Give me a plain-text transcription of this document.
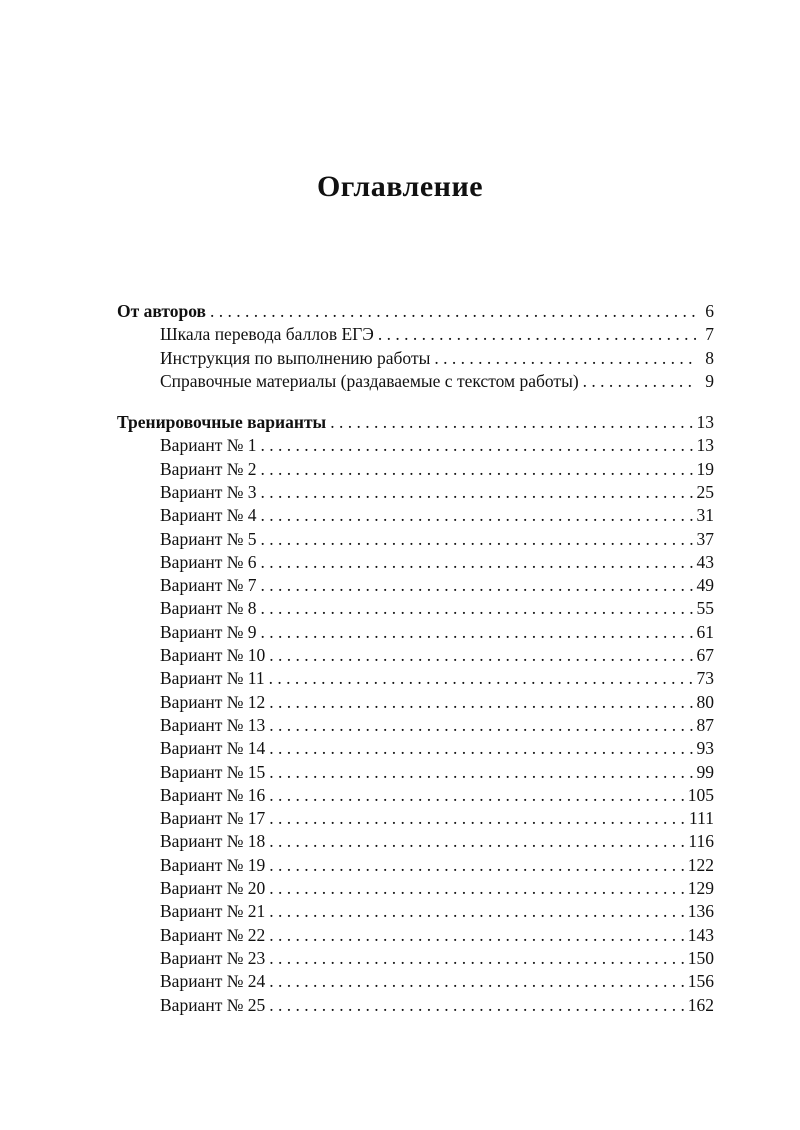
Оглавление
От авторов . . .	6
Шкала перевода баллов ЕГЭ . . .	7
Инструкция по выполнению работы . . .	8
Справочные материалы (раздаваемые с текстом работы) . . .	9
Тренировочные варианты . . .	13
Вариант № 1 . . .	13
Вариант № 2 . . .	19
Вариант № 3 . . .	25
Вариант № 4 . . .	31
Вариант № 5 . . .	37
Вариант № 6 . . .	43
Вариант № 7 . . .	49
Вариант № 8 . . .	55
Вариант № 9 . . .	61
Вариант № 10 . . .	67
Вариант № 11 . . .	73
Вариант № 12 . . .	80
Вариант № 13 . . .	87
Вариант № 14 . . .	93
Вариант № 15 . . .	99
Вариант № 16 . . .	105
Вариант № 17 . . .	111
Вариант № 18 . . .	116
Вариант № 19 . . .	122
Вариант № 20 . . .	129
Вариант № 21 . . .	136
Вариант № 22 . . .	143
Вариант № 23 . . .	150
Вариант № 24 . . .	156
Вариант № 25 . . .	162
